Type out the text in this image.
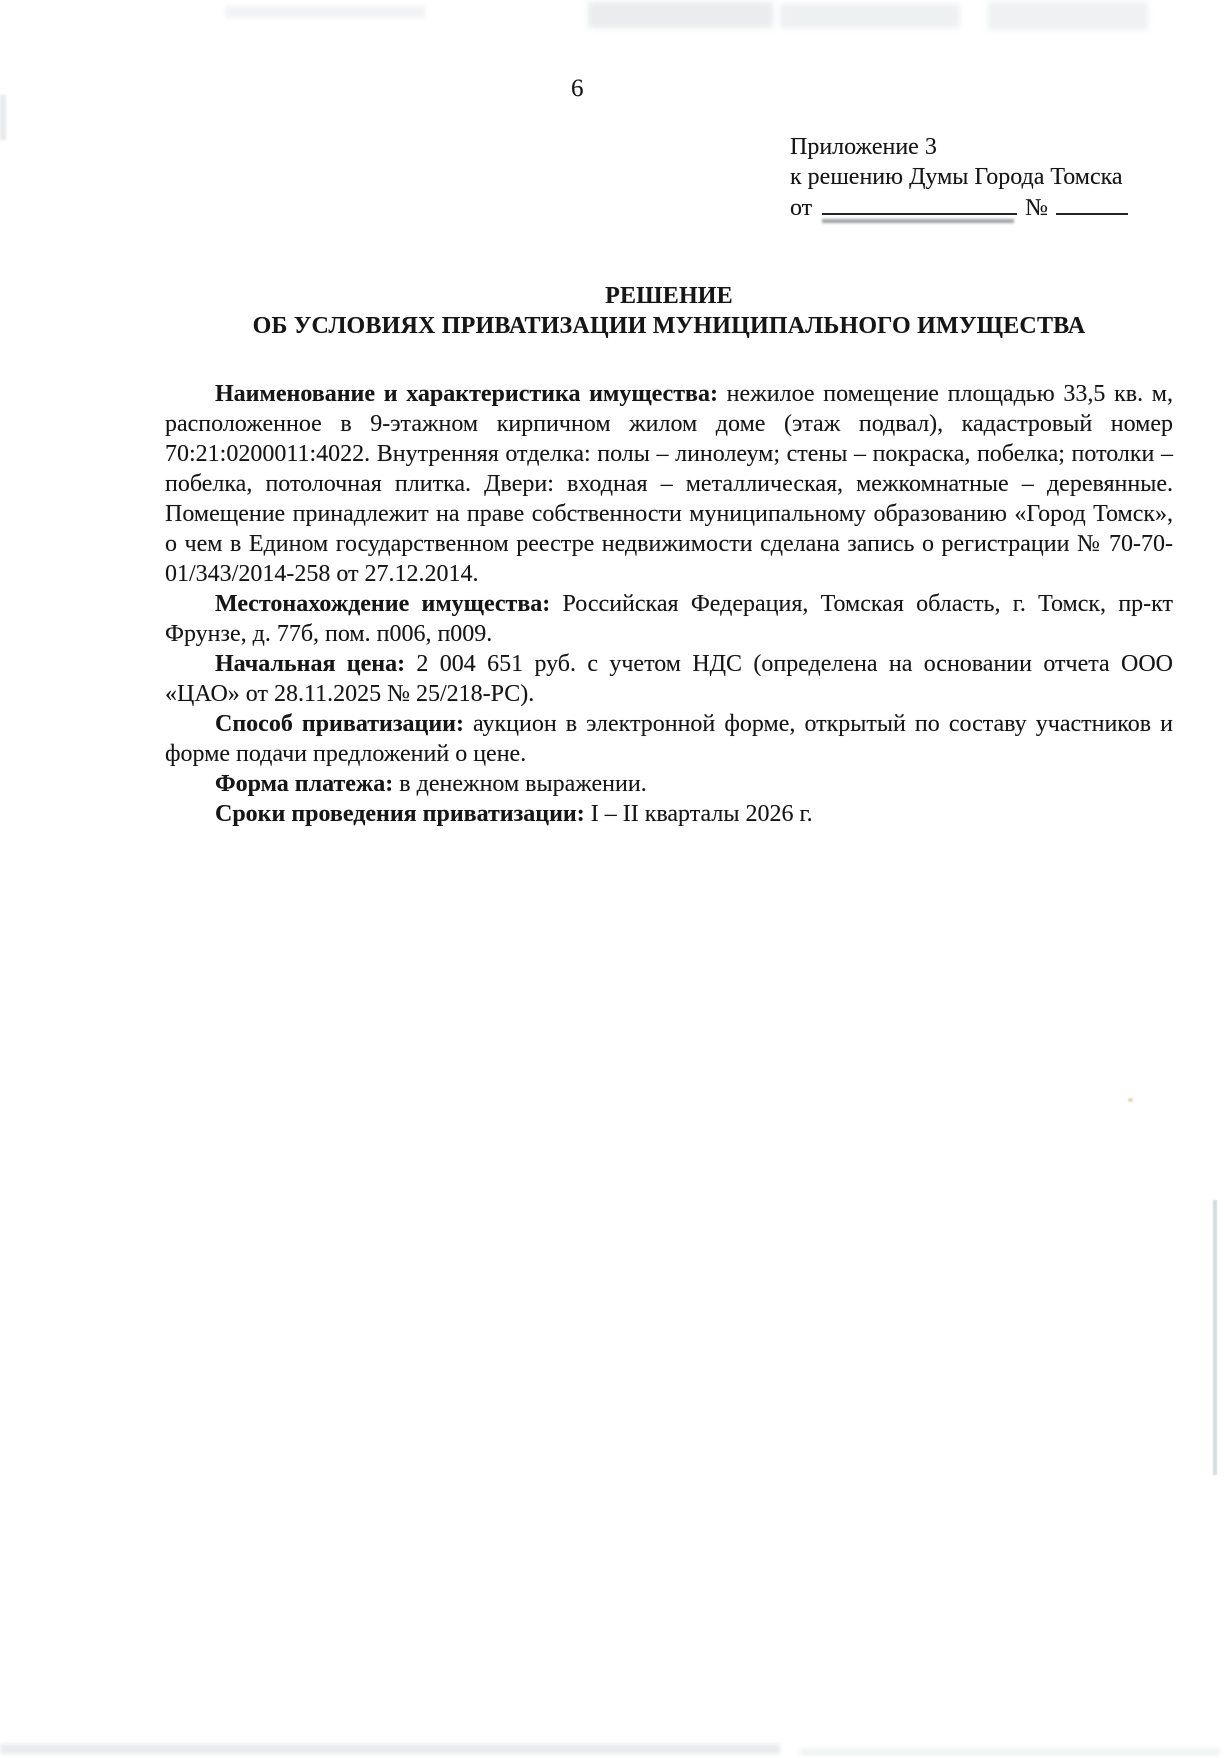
6
Приложение 3
к решению Думы Города Томска
от	№
РЕШЕНИЕ
ОБ УСЛОВИЯХ ПРИВАТИЗАЦИИ МУНИЦИПАЛЬНОГО ИМУЩЕСТВА

Наименование и характеристика имущества: нежилое помещение площадью 33,5 кв. м, расположенное в 9-этажном кирпичном жилом доме (этаж подвал), кадастровый номер 70:21:0200011:4022. Внутренняя отделка: полы – линолеум; стены – покраска, побелка; потолки – побелка, потолочная плитка. Двери: входная – металлическая, межкомнатные – деревянные. Помещение принадлежит на праве собственности муниципальному образованию «Город Томск», о чем в Едином государственном реестре недвижимости сделана запись о регистрации № 70-70-01/343/2014-258 от 27.12.2014.

Местонахождение имущества: Российская Федерация, Томская область, г. Томск, пр-кт Фрунзе, д. 77б, пом. п006, п009.

Начальная цена: 2 004 651 руб. с учетом НДС (определена на основании отчета ООО «ЦАО» от 28.11.2025 № 25/218-РС).

Способ приватизации: аукцион в электронной форме, открытый по составу участников и форме подачи предложений о цене.

Форма платежа: в денежном выражении.

Сроки проведения приватизации: I – II кварталы 2026 г.
